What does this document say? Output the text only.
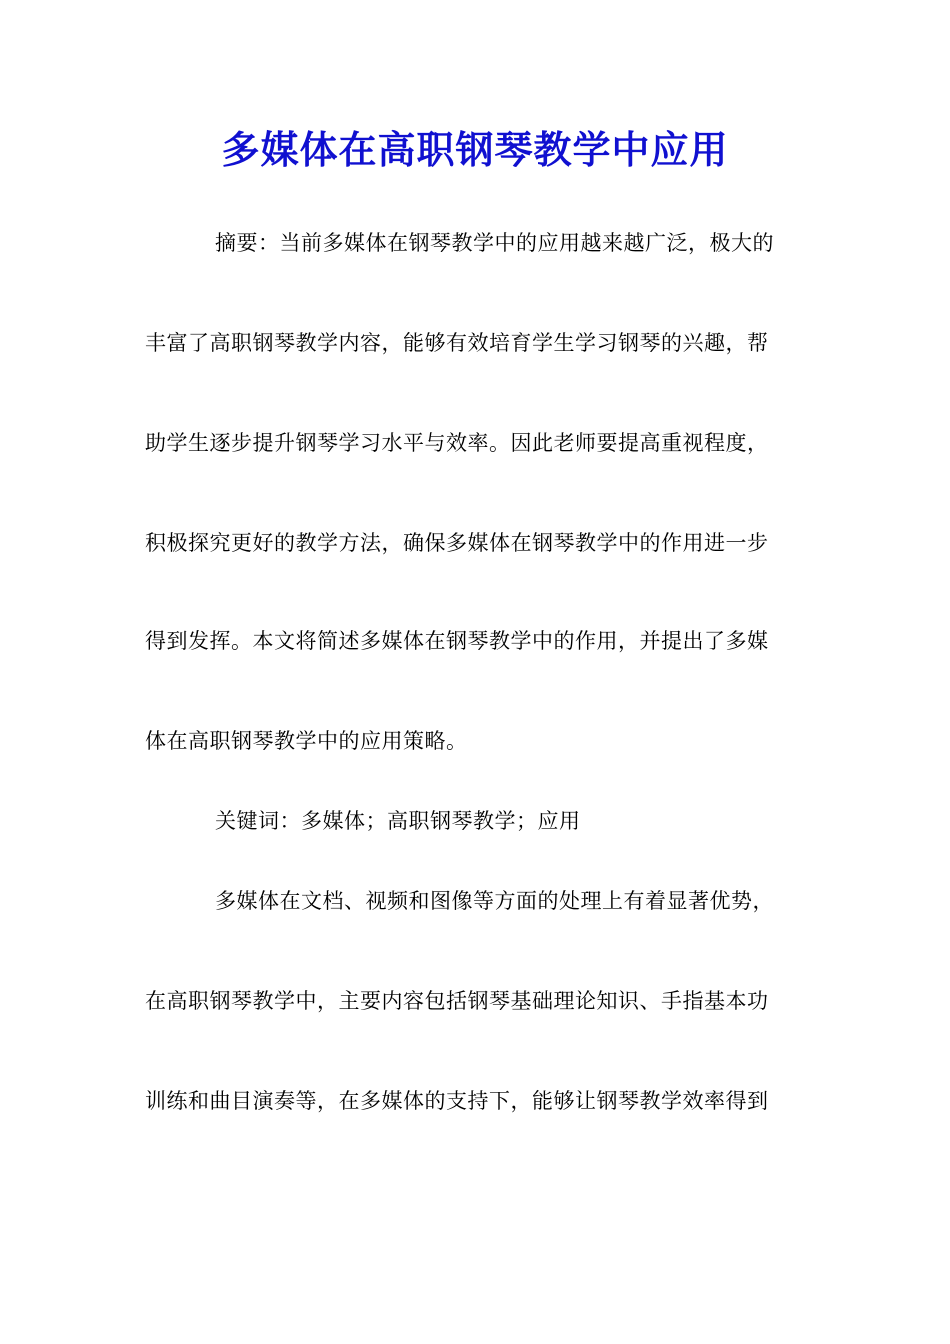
多媒体在高职钢琴教学中应用
摘要：当前多媒体在钢琴教学中的应用越来越广泛，极大的
丰富了高职钢琴教学内容，能够有效培育学生学习钢琴的兴趣，帮
助学生逐步提升钢琴学习水平与效率。因此老师要提高重视程度，
积极探究更好的教学方法，确保多媒体在钢琴教学中的作用进一步
得到发挥。本文将简述多媒体在钢琴教学中的作用，并提出了多媒
体在高职钢琴教学中的应用策略。
关键词：多媒体；高职钢琴教学；应用
多媒体在文档、视频和图像等方面的处理上有着显著优势，
在高职钢琴教学中，主要内容包括钢琴基础理论知识、手指基本功
训练和曲目演奏等，在多媒体的支持下，能够让钢琴教学效率得到
